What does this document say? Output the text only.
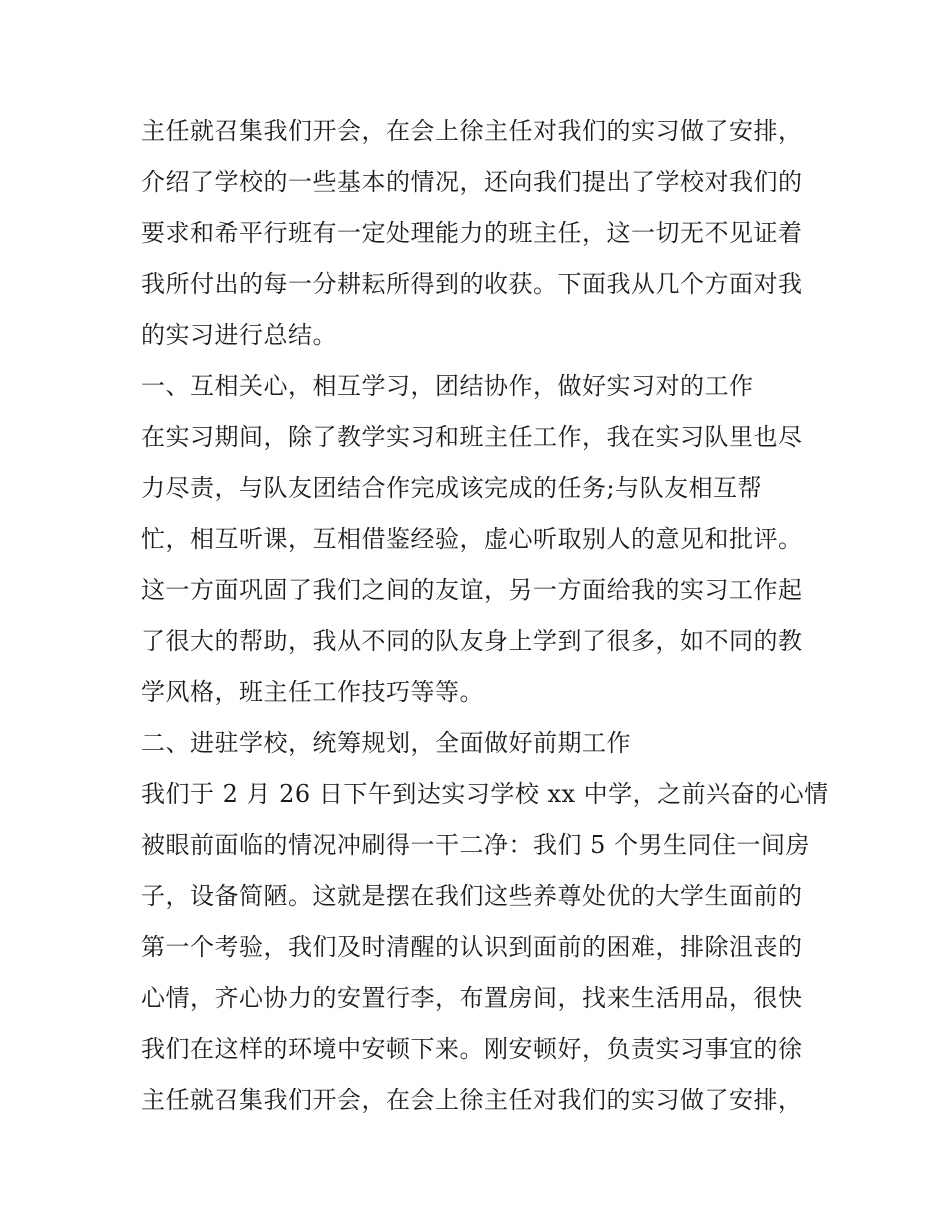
主任就召集我们开会，在会上徐主任对我们的实习做了安排，
介绍了学校的一些基本的情况，还向我们提出了学校对我们的
要求和希平行班有一定处理能力的班主任，这一切无不见证着
我所付出的每一分耕耘所得到的收获。下面我从几个方面对我
的实习进行总结。
一、互相关心，相互学习，团结协作，做好实习对的工作
在实习期间，除了教学实习和班主任工作，我在实习队里也尽
力尽责，与队友团结合作完成该完成的任务;与队友相互帮
忙，相互听课，互相借鉴经验，虚心听取别人的意见和批评。
这一方面巩固了我们之间的友谊，另一方面给我的实习工作起
了很大的帮助，我从不同的队友身上学到了很多，如不同的教
学风格，班主任工作技巧等等。
二、进驻学校，统筹规划，全面做好前期工作
我们于 2 月 26 日下午到达实习学校 xx 中学，之前兴奋的心情
被眼前面临的情况冲刷得一干二净：我们 5 个男生同住一间房
子，设备简陋。这就是摆在我们这些养尊处优的大学生面前的
第一个考验，我们及时清醒的认识到面前的困难，排除沮丧的
心情，齐心协力的安置行李，布置房间，找来生活用品，很快
我们在这样的环境中安顿下来。刚安顿好，负责实习事宜的徐
主任就召集我们开会，在会上徐主任对我们的实习做了安排，
